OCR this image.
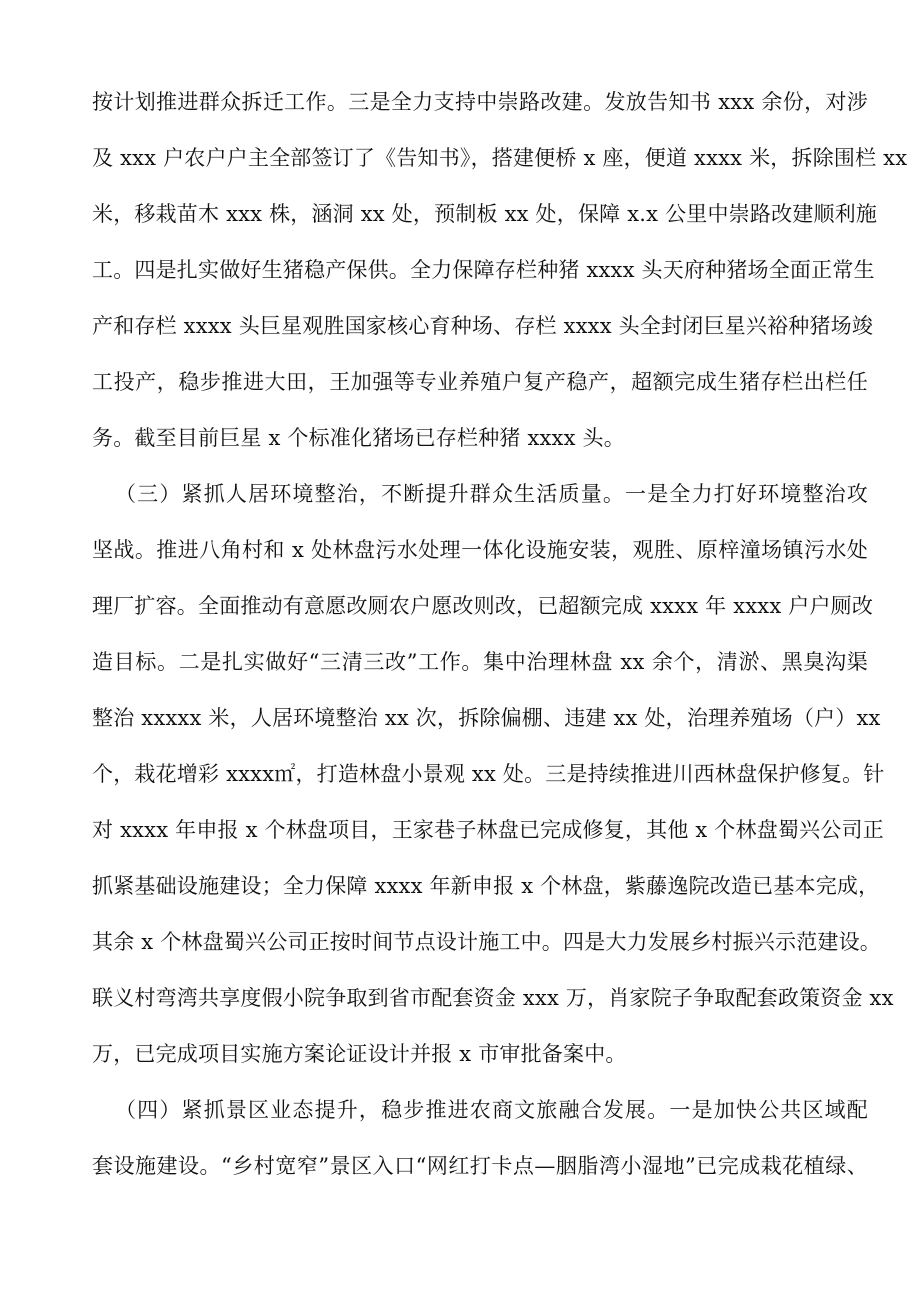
按计划推进群众拆迁工作。三是全力支持中崇路改建。发放告知书 xxx 余份，对涉
及 xxx 户农户户主全部签订了《告知书》，搭建便桥 x 座，便道 xxxx 米，拆除围栏 xx
米，移栽苗木 xxx 株，涵洞 xx 处，预制板 xx 处，保障 x.x 公里中崇路改建顺利施
工。四是扎实做好生猪稳产保供。全力保障存栏种猪 xxxx 头天府种猪场全面正常生
产和存栏 xxxx 头巨星观胜国家核心育种场、存栏 xxxx 头全封闭巨星兴裕种猪场竣
工投产，稳步推进大田，王加强等专业养殖户复产稳产，超额完成生猪存栏出栏任
务。截至目前巨星 x 个标准化猪场已存栏种猪 xxxx 头。
（三）紧抓人居环境整治，不断提升群众生活质量。一是全力打好环境整治攻
坚战。推进八角村和 x 处林盘污水处理一体化设施安装，观胜、原梓潼场镇污水处
理厂扩容。全面推动有意愿改厕农户愿改则改，已超额完成 xxxx 年 xxxx 户户厕改
造目标。二是扎实做好“三清三改”工作。集中治理林盘 xx 余个，清淤、黑臭沟渠
整治 xxxxx 米，人居环境整治 xx 次，拆除偏棚、违建 xx 处，治理养殖场（户）xx
个，栽花增彩 xxxx㎡，打造林盘小景观 xx 处。三是持续推进川西林盘保护修复。针
对 xxxx 年申报 x 个林盘项目，王家巷子林盘已完成修复，其他 x 个林盘蜀兴公司正
抓紧基础设施建设；全力保障 xxxx 年新申报 x 个林盘，紫藤逸院改造已基本完成，
其余 x 个林盘蜀兴公司正按时间节点设计施工中。四是大力发展乡村振兴示范建设。
联义村弯湾共享度假小院争取到省市配套资金 xxx 万，肖家院子争取配套政策资金 xx
万，已完成项目实施方案论证设计并报 x 市审批备案中。
（四）紧抓景区业态提升，稳步推进农商文旅融合发展。一是加快公共区域配
套设施建设。“乡村宽窄”景区入口“网红打卡点—胭脂湾小湿地”已完成栽花植绿、
